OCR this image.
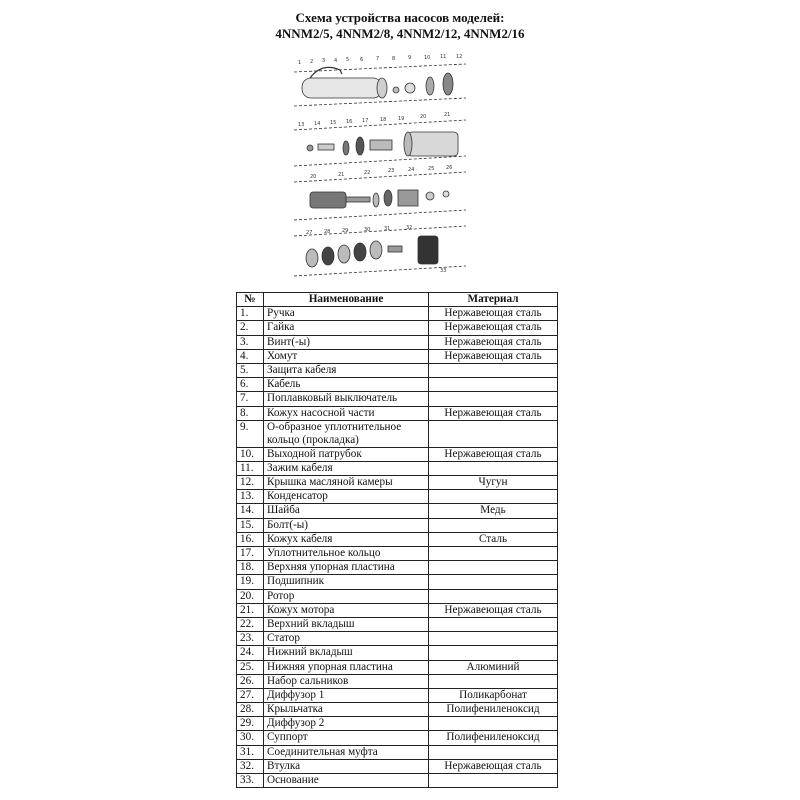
Схема устройства насосов моделей:
4NNM2/5, 4NNM2/8, 4NNM2/12, 4NNM2/16
1 2 3 4 5 6	7	8	9	10 11 12
13 14 15 16 17 18 19	20	21
20	21	22	23	24	25 26
27 28 29	30	31	32
33
№	Наименование	Материал
1.	Ручка	Нержавеющая сталь
2.	Гайка	Нержавеющая сталь
3.	Винт(-ы)	Нержавеющая сталь
4.	Хомут	Нержавеющая сталь
5.	Защита кабеля	
6.	Кабель	
7.	Поплавковый выключатель	
8.	Кожух насосной части	Нержавеющая сталь
9.	О-образное уплотнительное кольцо (прокладка)	
10.	Выходной патрубок	Нержавеющая сталь
11.	Зажим кабеля	
12.	Крышка масляной камеры	Чугун
13.	Конденсатор	
14.	Шайба	Медь
15.	Болт(-ы)	
16.	Кожух кабеля	Сталь
17.	Уплотнительное кольцо	
18.	Верхняя упорная пластина	
19.	Подшипник	
20.	Ротор	
21.	Кожух мотора	Нержавеющая сталь
22.	Верхний вкладыш	
23.	Статор	
24.	Нижний вкладыш	
25.	Нижняя упорная пластина	Алюминий
26.	Набор сальников	
27.	Диффузор 1	Поликарбонат
28.	Крыльчатка	Полифениленоксид
29.	Диффузор 2	
30.	Суппорт	Полифениленоксид
31.	Соединительная муфта	
32.	Втулка	Нержавеющая сталь
33.	Основание	
